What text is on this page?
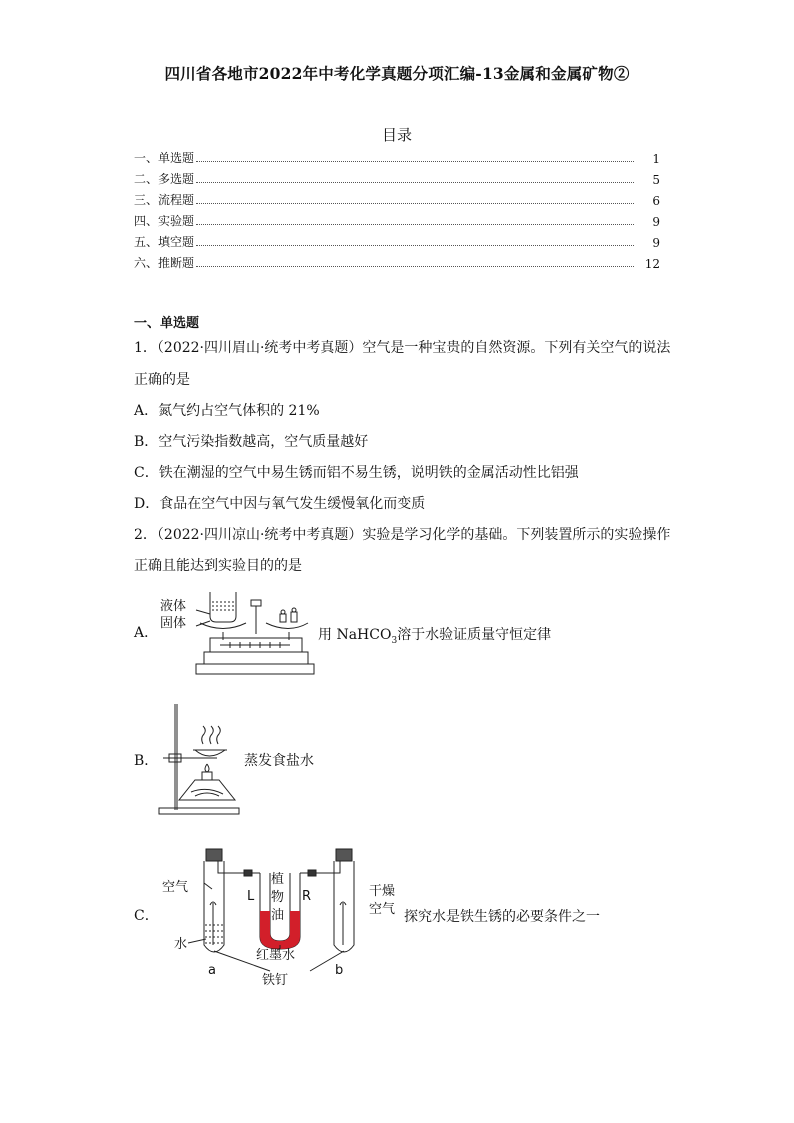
四川省各地市2022年中考化学真题分项汇编-13金属和金属矿物②
目录
一、单选题	1
二、多选题	5
三、流程题	6
四、实验题	9
五、填空题	9
六、推断题	12
一、单选题
1．（2022·四川眉山·统考中考真题）空气是一种宝贵的自然资源。下列有关空气的说法
正确的是
A．氮气约占空气体积的 21%
B．空气污染指数越高，空气质量越好
C．铁在潮湿的空气中易生锈而铝不易生锈，说明铁的金属活动性比铝强
D．食品在空气中因与氧气发生缓慢氧化而变质
2．（2022·四川凉山·统考中考真题）实验是学习化学的基础。下列装置所示的实验操作
正确且能达到实验目的的是
A．
液体
固体
用 NaHCO$_3$溶于水验证质量守恒定律
B．	蒸发食盐水
C．
空气
水
植
物
油
L	R	干燥
空气
红墨水
a	b
铁钉
探究水是铁生锈的必要条件之一
